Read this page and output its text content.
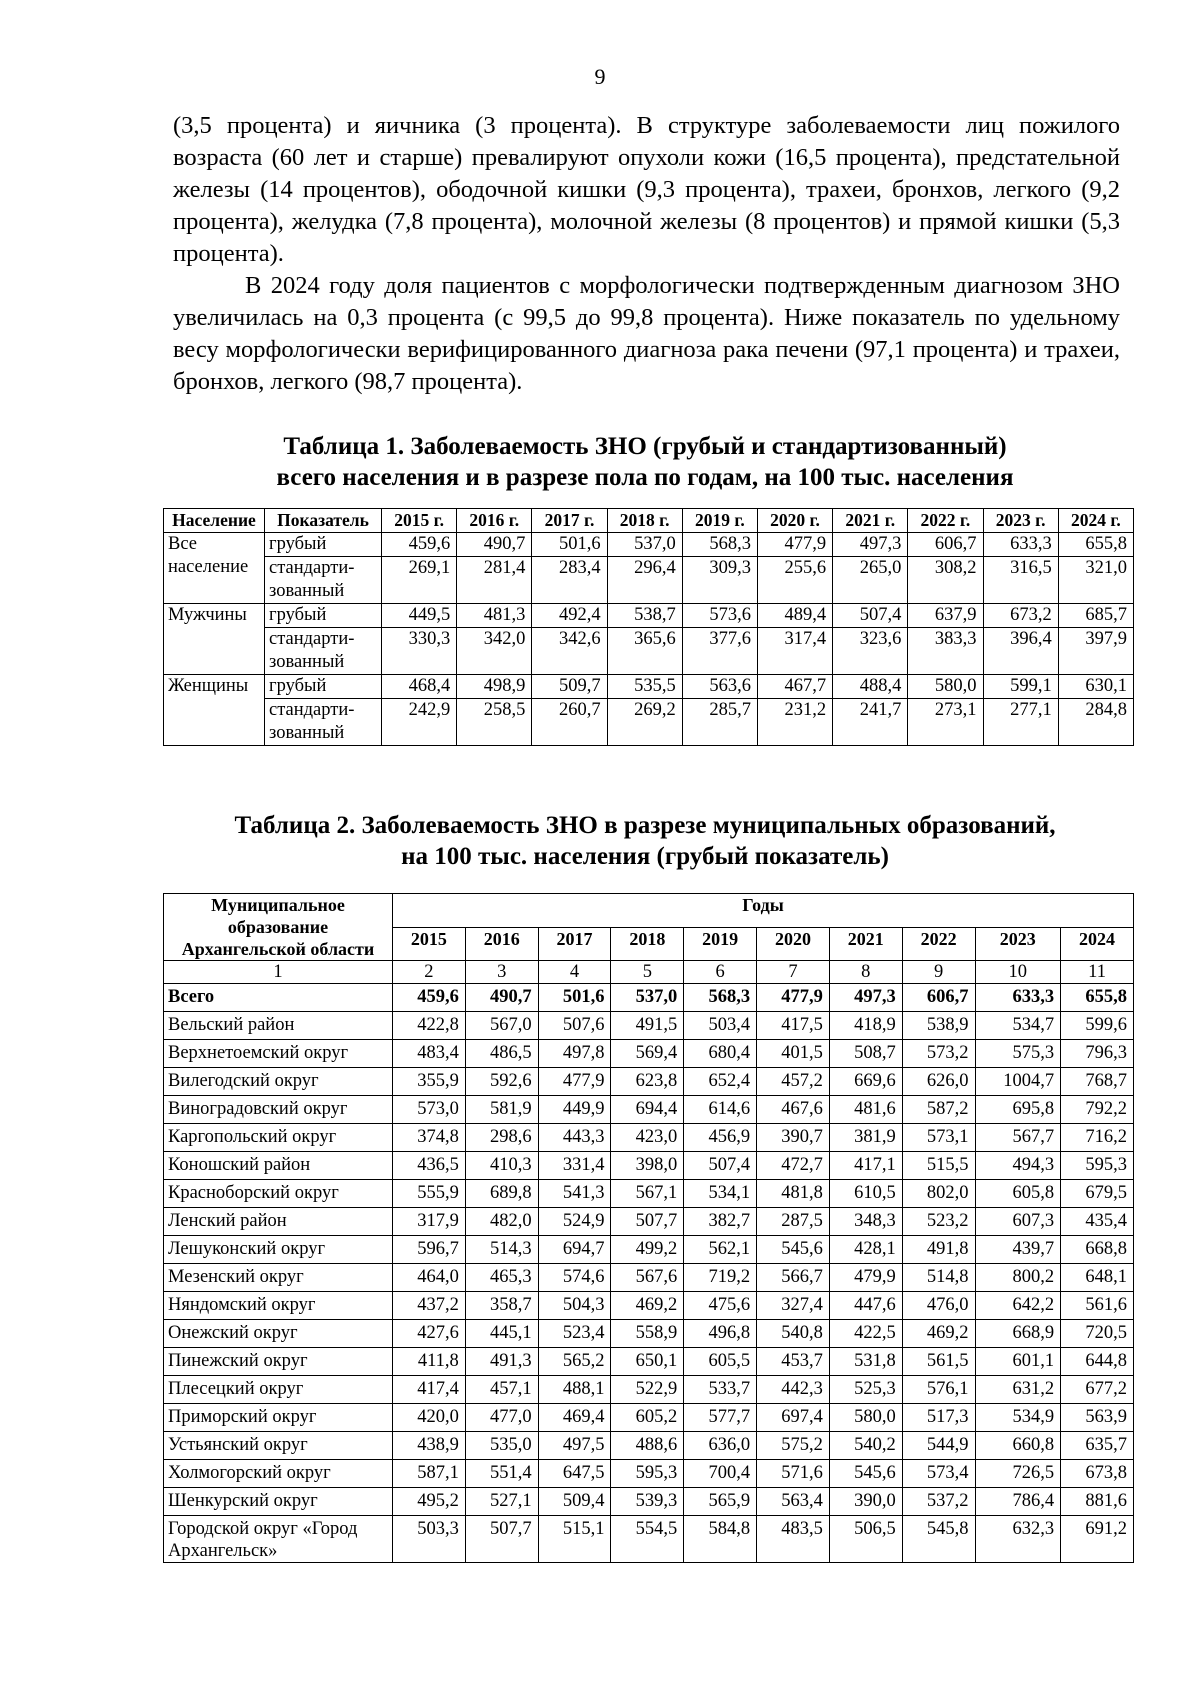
9

(3,5 процента) и яичника (3 процента). В структуре заболеваемости лиц пожилого возраста (60 лет и старше) превалируют опухоли кожи (16,5 процента), предстательной железы (14 процентов), ободочной кишки (9,3 процента), трахеи, бронхов, легкого (9,2 процента), желудка (7,8 процента), молочной железы (8 процентов) и прямой кишки (5,3 процента).

В 2024 году доля пациентов с морфологически подтвержденным диагнозом ЗНО увеличилась на 0,3 процента (с 99,5 до 99,8 процента). Ниже показатель по удельному весу морфологически верифицированного диагноза рака печени (97,1 процента) и трахеи, бронхов, легкого (98,7 процента).

Таблица 1. Заболеваемость ЗНО (грубый и стандартизованный)
всего населения и в разрезе пола по годам, на 100 тыс. населения
Население	Показатель	2015 г.	2016 г.	2017 г.	2018 г.	2019 г.	2020 г.	2021 г.	2022 г.	2023 г.	2024 г.
Все население	грубый	459,6	490,7	501,6	537,0	568,3	477,9	497,3	606,7	633,3	655,8
	стандарти-зованный	269,1	281,4	283,4	296,4	309,3	255,6	265,0	308,2	316,5	321,0
Мужчины	грубый	449,5	481,3	492,4	538,7	573,6	489,4	507,4	637,9	673,2	685,7
	стандарти-зованный	330,3	342,0	342,6	365,6	377,6	317,4	323,6	383,3	396,4	397,9
Женщины	грубый	468,4	498,9	509,7	535,5	563,6	467,7	488,4	580,0	599,1	630,1
	стандарти-зованный	242,9	258,5	260,7	269,2	285,7	231,2	241,7	273,1	277,1	284,8
Таблица 2. Заболеваемость ЗНО в разрезе муниципальных образований,
на 100 тыс. населения (грубый показатель)
Муниципальное образование Архангельской области	Годы									
	2015	2016	2017	2018	2019	2020	2021	2022	2023	2024
1	2	3	4	5	6	7	8	9	10	11
Всего	459,6	490,7	501,6	537,0	568,3	477,9	497,3	606,7	633,3	655,8
Вельский район	422,8	567,0	507,6	491,5	503,4	417,5	418,9	538,9	534,7	599,6
Верхнетоемский округ	483,4	486,5	497,8	569,4	680,4	401,5	508,7	573,2	575,3	796,3
Вилегодский округ	355,9	592,6	477,9	623,8	652,4	457,2	669,6	626,0	1004,7	768,7
Виноградовский округ	573,0	581,9	449,9	694,4	614,6	467,6	481,6	587,2	695,8	792,2
Каргопольский округ	374,8	298,6	443,3	423,0	456,9	390,7	381,9	573,1	567,7	716,2
Коношский район	436,5	410,3	331,4	398,0	507,4	472,7	417,1	515,5	494,3	595,3
Красноборский округ	555,9	689,8	541,3	567,1	534,1	481,8	610,5	802,0	605,8	679,5
Ленский район	317,9	482,0	524,9	507,7	382,7	287,5	348,3	523,2	607,3	435,4
Лешуконский округ	596,7	514,3	694,7	499,2	562,1	545,6	428,1	491,8	439,7	668,8
Мезенский округ	464,0	465,3	574,6	567,6	719,2	566,7	479,9	514,8	800,2	648,1
Няндомский округ	437,2	358,7	504,3	469,2	475,6	327,4	447,6	476,0	642,2	561,6
Онежский округ	427,6	445,1	523,4	558,9	496,8	540,8	422,5	469,2	668,9	720,5
Пинежский округ	411,8	491,3	565,2	650,1	605,5	453,7	531,8	561,5	601,1	644,8
Плесецкий округ	417,4	457,1	488,1	522,9	533,7	442,3	525,3	576,1	631,2	677,2
Приморский округ	420,0	477,0	469,4	605,2	577,7	697,4	580,0	517,3	534,9	563,9
Устьянский округ	438,9	535,0	497,5	488,6	636,0	575,2	540,2	544,9	660,8	635,7
Холмогорский округ	587,1	551,4	647,5	595,3	700,4	571,6	545,6	573,4	726,5	673,8
Шенкурский округ	495,2	527,1	509,4	539,3	565,9	563,4	390,0	537,2	786,4	881,6
Городской округ «Город Архангельск»	503,3	507,7	515,1	554,5	584,8	483,5	506,5	545,8	632,3	691,2
